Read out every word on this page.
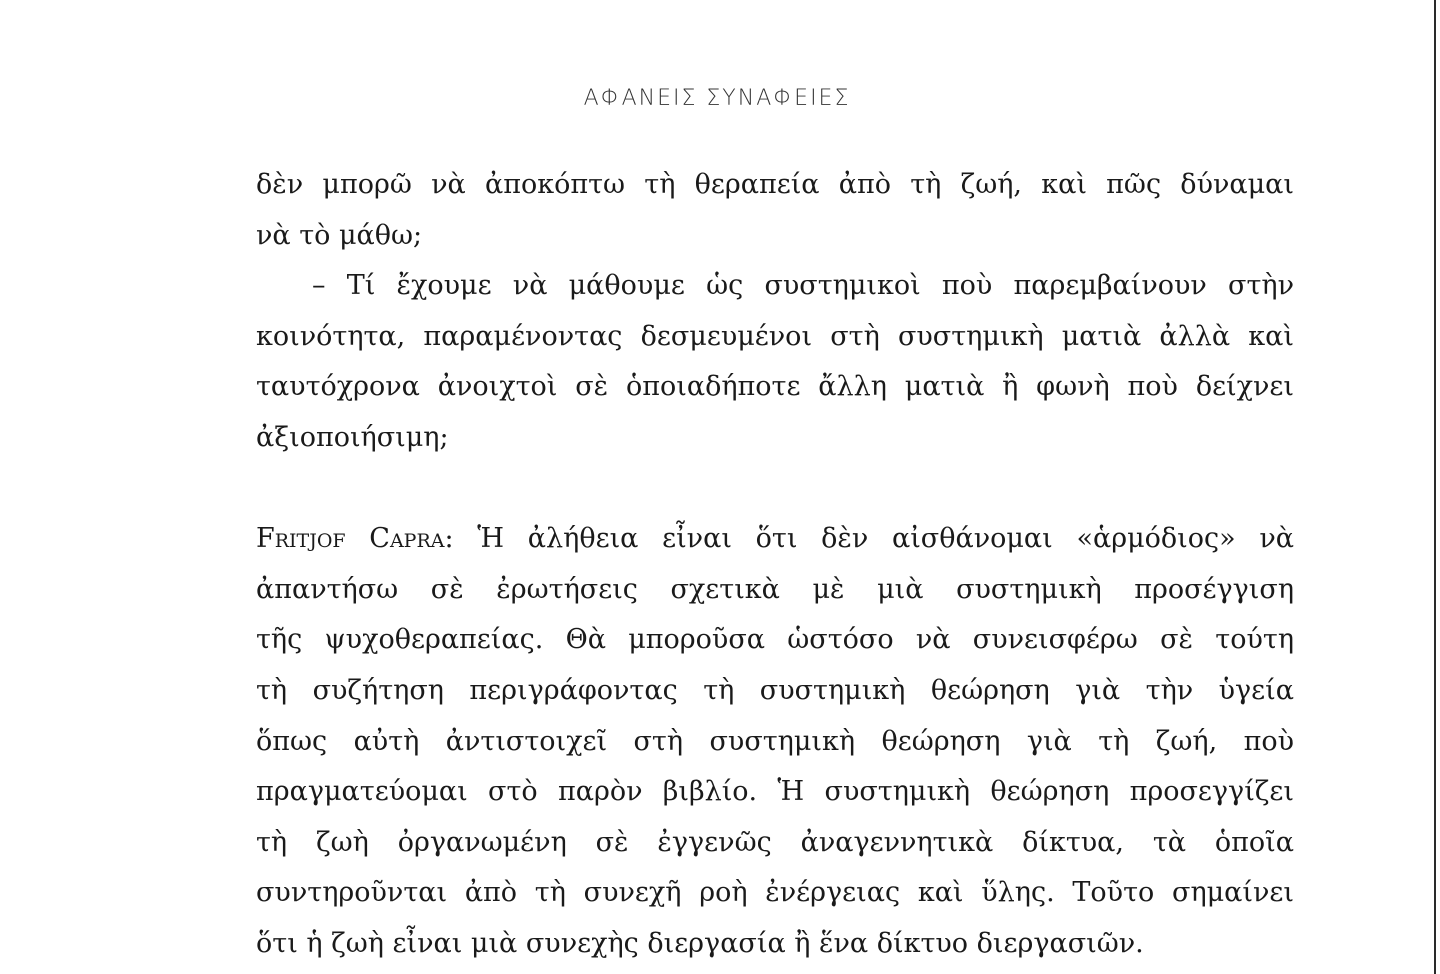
ΑΦΑΝΕΙΣ ΣΥΝΑΦΕΙΕΣ
δὲν μπορῶ νὰ ἀποκόπτω τὴ θεραπεία ἀπὸ τὴ ζωή, καὶ πῶς δύναμαι
νὰ τὸ μάθω;
– Τί ἔχουμε νὰ μάθουμε ὡς συστημικοὶ ποὺ παρεμβαίνουν στὴν
κοινότητα, παραμένοντας δεσμευμένοι στὴ συστημικὴ ματιὰ ἀλλὰ καὶ
ταυτόχρονα ἀνοιχτοὶ σὲ ὁποιαδήποτε ἄλλη ματιὰ ἢ φωνὴ ποὺ δείχνει
ἀξιοποιήσιμη;
Fritjof Capra: Ἡ ἀλήθεια εἶναι ὅτι δὲν αἰσθάνομαι «ἁρμόδιος» νὰ
ἀπαντήσω σὲ ἐρωτήσεις σχετικὰ μὲ μιὰ συστημικὴ προσέγγιση
τῆς ψυχοθεραπείας. Θὰ μποροῦσα ὡστόσο νὰ συνεισφέρω σὲ τούτη
τὴ συζήτηση περιγράφοντας τὴ συστημικὴ θεώρηση γιὰ τὴν ὑγεία
ὅπως αὐτὴ ἀντιστοιχεῖ στὴ συστημικὴ θεώρηση γιὰ τὴ ζωή, ποὺ
πραγματεύομαι στὸ παρὸν βιβλίο. Ἡ συστημικὴ θεώρηση προσεγγίζει
τὴ ζωὴ ὀργανωμένη σὲ ἐγγενῶς ἀναγεννητικὰ δίκτυα, τὰ ὁποῖα
συντηροῦνται ἀπὸ τὴ συνεχῆ ροὴ ἐνέργειας καὶ ὕλης. Τοῦτο σημαίνει
ὅτι ἡ ζωὴ εἶναι μιὰ συνεχὴς διεργασία ἢ ἕνα δίκτυο διεργασιῶν.
